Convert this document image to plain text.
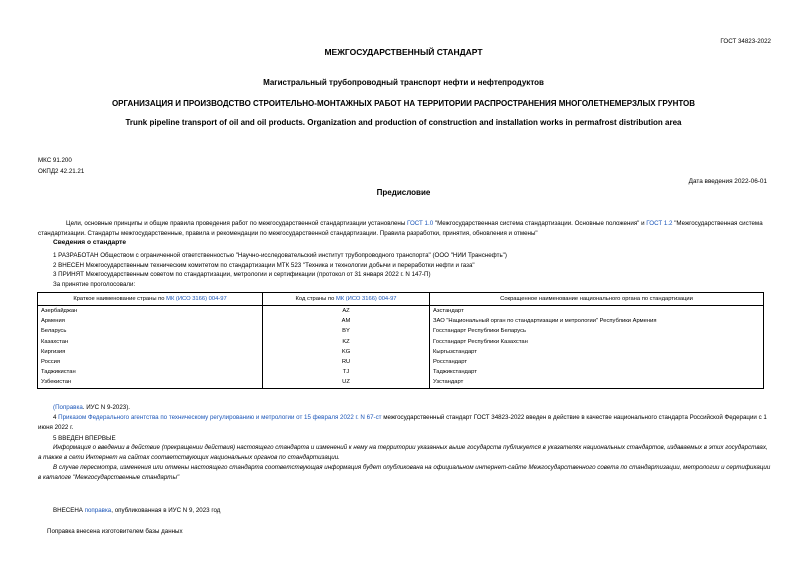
ГОСТ 34823-2022
МЕЖГОСУДАРСТВЕННЫЙ СТАНДАРТ
Магистральный трубопроводный транспорт нефти и нефтепродуктов
ОРГАНИЗАЦИЯ И ПРОИЗВОДСТВО СТРОИТЕЛЬНО-МОНТАЖНЫХ РАБОТ НА ТЕРРИТОРИИ РАСПРОСТРАНЕНИЯ МНОГОЛЕТНЕМЕРЗЛЫХ ГРУНТОВ
Trunk pipeline transport of oil and oil products. Organization and production of construction and installation works in permafrost distribution area
МКС 91.200
ОКПД2 42.21.21
Дата введения 2022-06-01
Предисловие
Цели, основные принципы и общие правила проведения работ по межгосударственной стандартизации установлены ГОСТ 1.0 "Межгосударственная система стандартизации. Основные положения" и ГОСТ 1.2 "Межгосударственная система стандартизации. Стандарты межгосударственные, правила и рекомендации по межгосударственной стандартизации. Правила разработки, принятия, обновления и отмены"
Сведения о стандарте
1 РАЗРАБОТАН Обществом с ограниченной ответственностью "Научно-исследовательский институт трубопроводного транспорта" (ООО "НИИ Транснефть")
2 ВНЕСЕН Межгосударственным техническим комитетом по стандартизации МТК 523 "Техника и технологии добычи и переработки нефти и газа"
3 ПРИНЯТ Межгосударственным советом по стандартизации, метрологии и сертификации (протокол от 31 января 2022 г. N 147-П)
За принятие проголосовали:
Краткое наименование страны по МК (ИСО 3166) 004-97	Код страны по МК (ИСО 3166) 004-97	Сокращенное наименование национального органа по стандартизации
Азербайджан	AZ	Азстандарт
Армения	AM	ЗАО "Национальный орган по стандартизации и метрологии" Республики Армения
Беларусь	BY	Госстандарт Республики Беларусь
Казахстан	KZ	Госстандарт Республики Казахстан
Киргизия	KG	Кыргызстандарт
Россия	RU	Росстандарт
Таджикистан	TJ	Таджикстандарт
Узбекистан	UZ	Узстандарт
(Поправка. ИУС N 9-2023).
4 Приказом Федерального агентства по техническому регулированию и метрологии от 15 февраля 2022 г. N 67-ст межгосударственный стандарт ГОСТ 34823-2022 введен в действие в качестве национального стандарта Российской Федерации с 1 июня 2022 г.
5 ВВЕДЕН ВПЕРВЫЕ
Информация о введении в действие (прекращении действия) настоящего стандарта и изменений к нему на территории указанных выше государств публикуется в указателях национальных стандартов, издаваемых в этих государствах, а также в сети Интернет на сайтах соответствующих национальных органов по стандартизации.
В случае пересмотра, изменения или отмены настоящего стандарта соответствующая информация будет опубликована на официальном интернет-сайте Межгосударственного совета по стандартизации, метрологии и сертификации в каталоге "Межгосударственные стандарты"
ВНЕСЕНА поправка, опубликованная в ИУС N 9, 2023 год
Поправка внесена изготовителем базы данных
